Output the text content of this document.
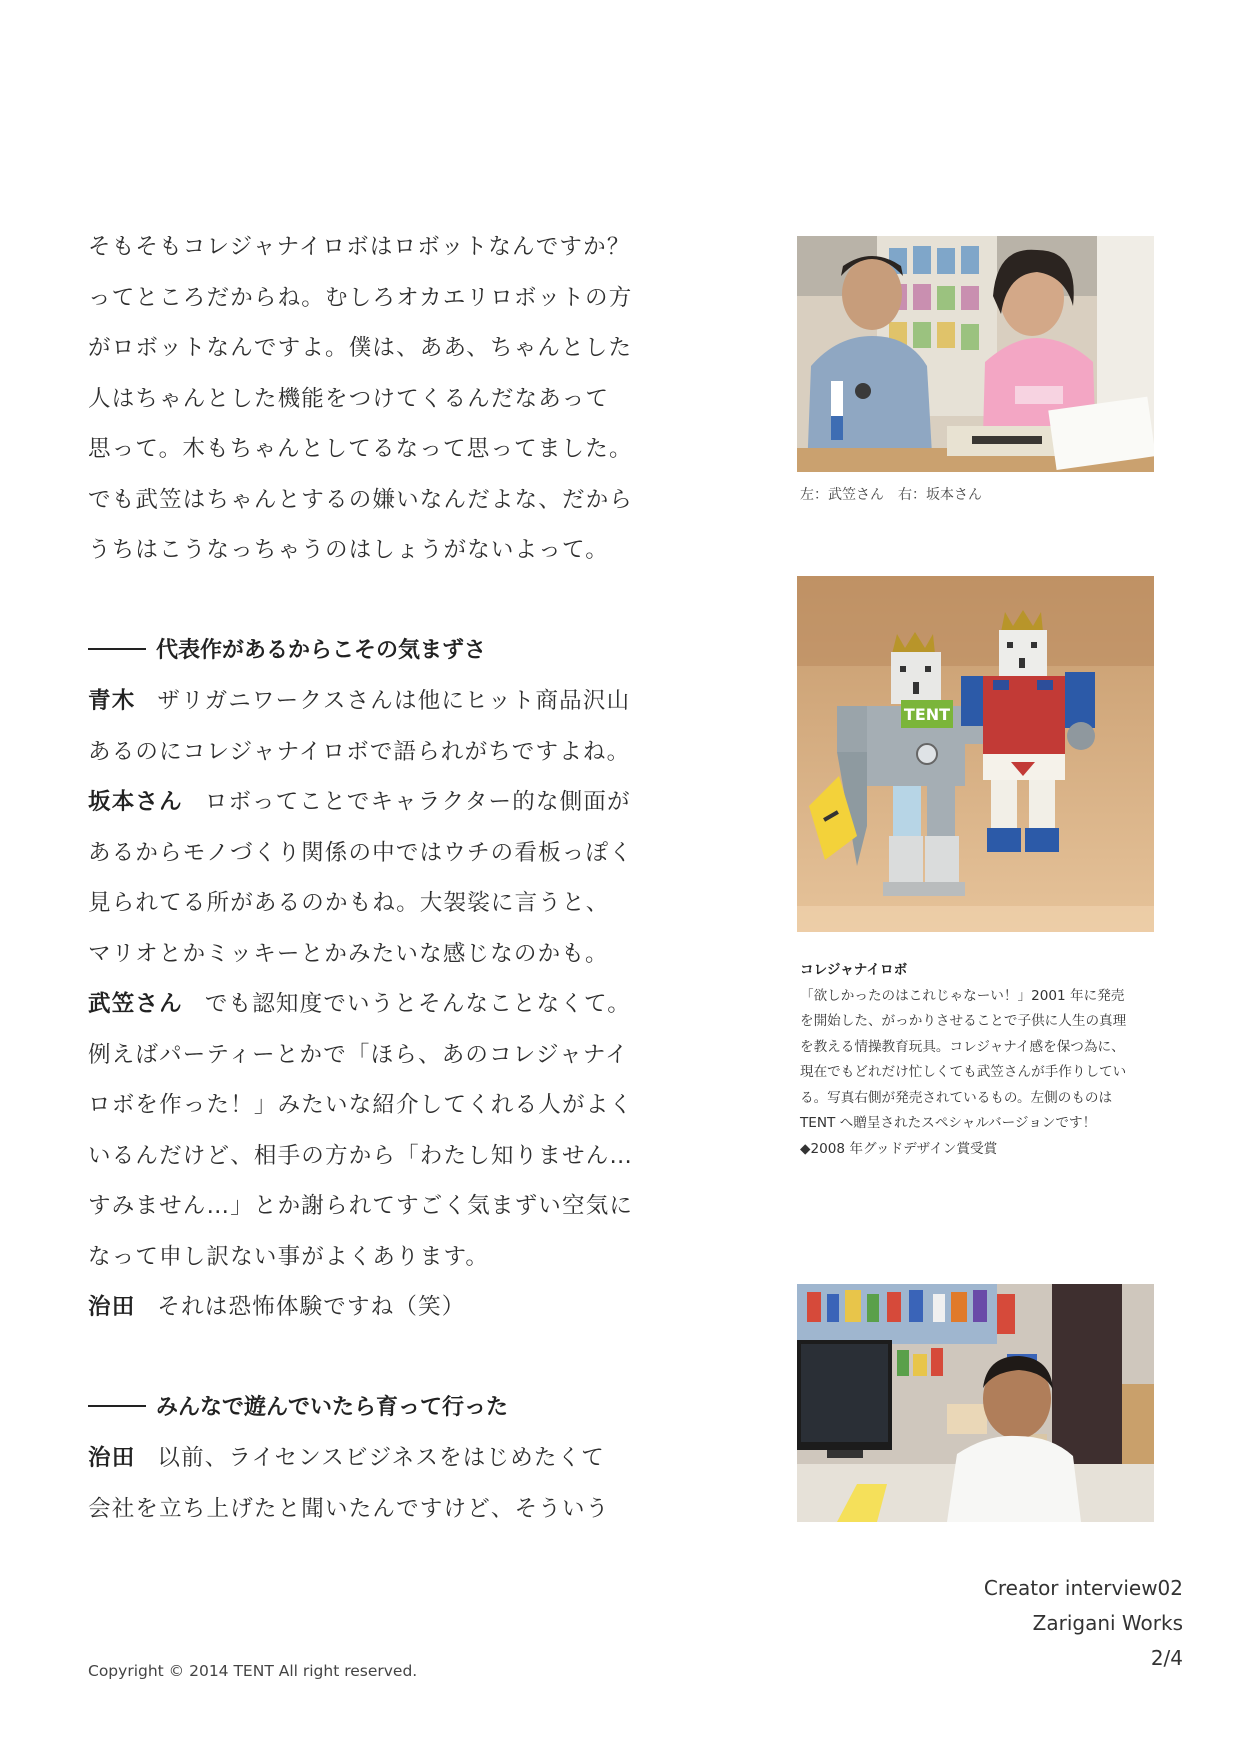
そもそもコレジャナイロボはロボットなんですか？
ってところだからね。むしろオカエリロボットの方
がロボットなんですよ。僕は、ああ、ちゃんとした
人はちゃんとした機能をつけてくるんだなあって
思って。木もちゃんとしてるなって思ってました。
でも武笠はちゃんとするの嫌いなんだよな、だから
うちはこうなっちゃうのはしょうがないよって。
代表作があるからこその気まずさ
青木 ザリガニワークスさんは他にヒット商品沢山
あるのにコレジャナイロボで語られがちですよね。
坂本さん ロボってことでキャラクター的な側面が
あるからモノづくり関係の中ではウチの看板っぽく
見られてる所があるのかもね。大袈裟に言うと、
マリオとかミッキーとかみたいな感じなのかも。
武笠さん でも認知度でいうとそんなことなくて。
例えばパーティーとかで「ほら、あのコレジャナイ
ロボを作った！」みたいな紹介してくれる人がよく
いるんだけど、相手の方から「わたし知りません…
すみません…」とか謝られてすごく気まずい空気に
なって申し訳ない事がよくあります。
治田 それは恐怖体験ですね（笑）
みんなで遊んでいたら育って行った
治田 以前、ライセンスビジネスをはじめたくて
会社を立ち上げたと聞いたんですけど、そういう
左：武笠さん　右：坂本さん
TENT
コレジャナイロボ
「欲しかったのはこれじゃなーい！」2001 年に発売
を開始した、がっかりさせることで子供に人生の真理
を教える情操教育玩具。コレジャナイ感を保つ為に、
現在でもどれだけ忙しくても武笠さんが手作りしてい
る。写真右側が発売されているもの。左側のものは
TENT へ贈呈されたスペシャルバージョンです！
◆2008 年グッドデザイン賞受賞
Creator interview02
Zarigani Works
2/4
Copyright © 2014 TENT All right reserved.
